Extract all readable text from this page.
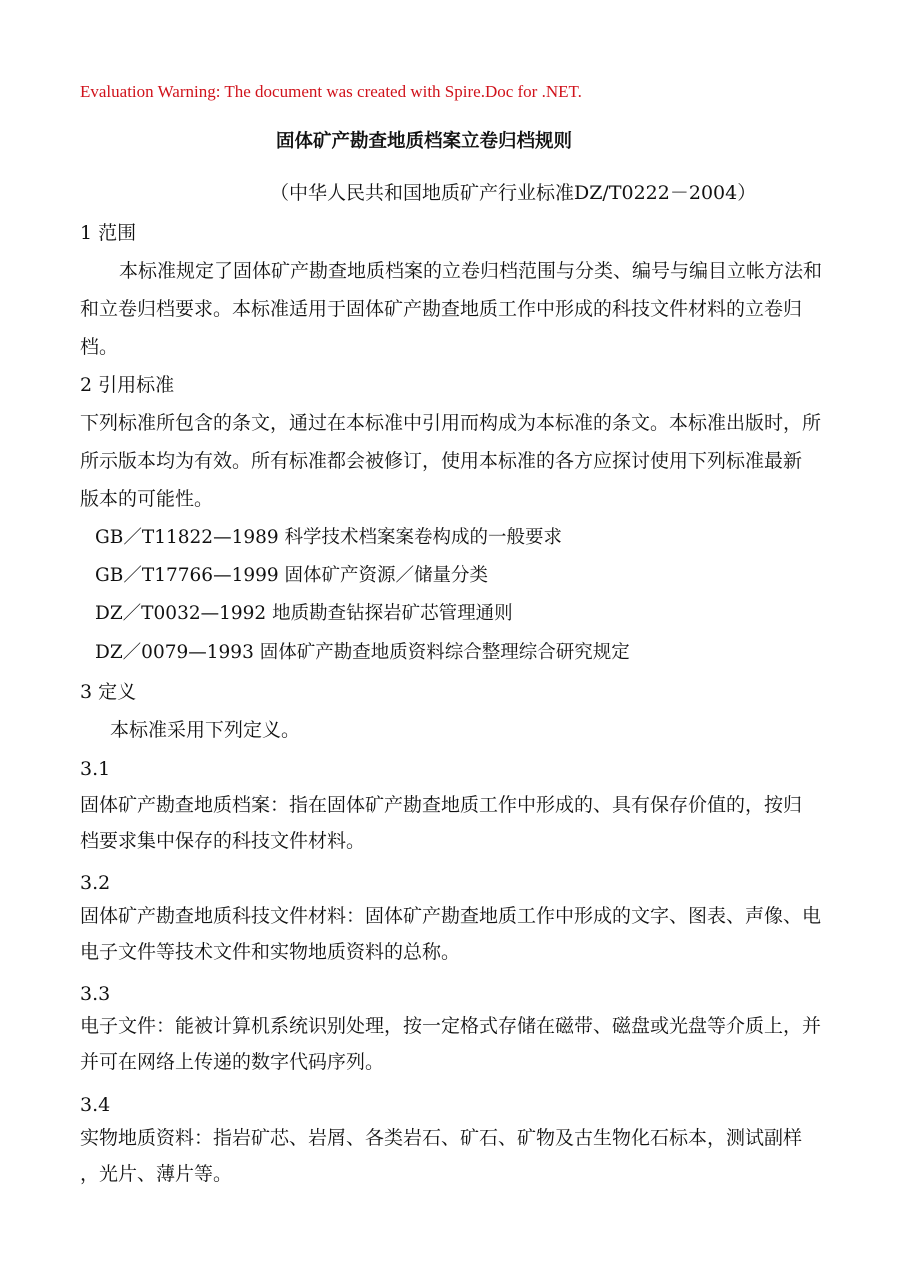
Evaluation Warning: The document was created with Spire.Doc for .NET.
固体矿产勘查地质档案立卷归档规则
（中华人民共和国地质矿产行业标准DZ/T0222－2004）
1 范围
本标准规定了固体矿产勘查地质档案的立卷归档范围与分类、编号与编目立帐方法和
和立卷归档要求。本标准适用于固体矿产勘查地质工作中形成的科技文件材料的立卷归
档。
2 引用标准
下列标准所包含的条文，通过在本标准中引用而构成为本标准的条文。本标准出版时，所
所示版本均为有效。所有标准都会被修订，使用本标准的各方应探讨使用下列标准最新
版本的可能性。
GB／T11822—1989 科学技术档案案卷构成的一般要求
GB／T17766—1999 固体矿产资源／储量分类
DZ／T0032—1992 地质勘查钻探岩矿芯管理通则
DZ／0079—1993 固体矿产勘查地质资料综合整理综合研究规定
3 定义
本标准采用下列定义。
3.1
固体矿产勘查地质档案：指在固体矿产勘查地质工作中形成的、具有保存价值的，按归
档要求集中保存的科技文件材料。
3.2
固体矿产勘查地质科技文件材料：固体矿产勘查地质工作中形成的文字、图表、声像、电
电子文件等技术文件和实物地质资料的总称。
3.3
电子文件：能被计算机系统识别处理，按一定格式存储在磁带、磁盘或光盘等介质上，并
并可在网络上传递的数字代码序列。
3.4
实物地质资料：指岩矿芯、岩屑、各类岩石、矿石、矿物及古生物化石标本，测试副样
，光片、薄片等。
